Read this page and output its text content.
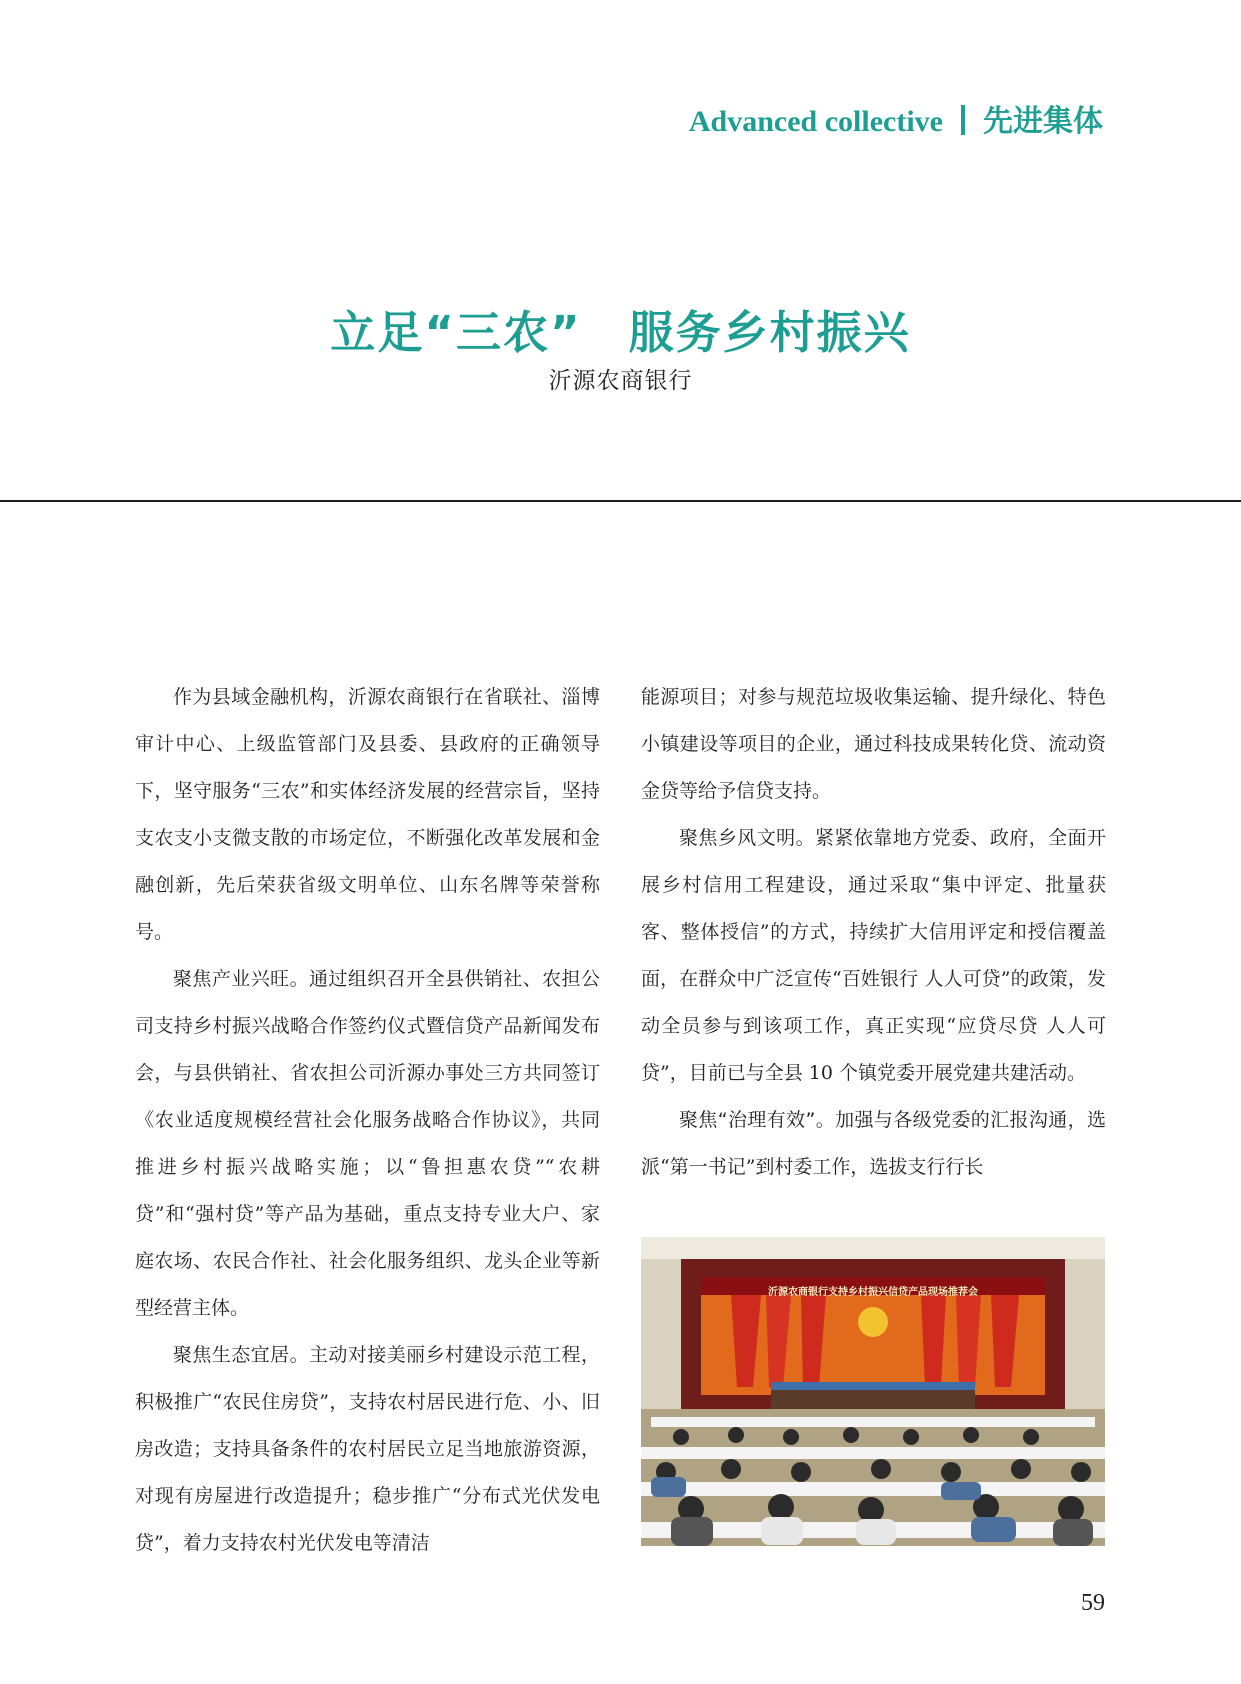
Advanced collective 先进集体
立足“三农”　服务乡村振兴
沂源农商银行

作为县域金融机构，沂源农商银行在省联社、淄博审计中心、上级监管部门及县委、县政府的正确领导下，坚守服务“三农”和实体经济发展的经营宗旨，坚持支农支小支微支散的市场定位，不断强化改革发展和金融创新，先后荣获省级文明单位、山东名牌等荣誉称号。

聚焦产业兴旺。通过组织召开全县供销社、农担公司支持乡村振兴战略合作签约仪式暨信贷产品新闻发布会，与县供销社、省农担公司沂源办事处三方共同签订《农业适度规模经营社会化服务战略合作协议》，共同推进乡村振兴战略实施；以“鲁担惠农贷”“农耕贷”和“强村贷”等产品为基础，重点支持专业大户、家庭农场、农民合作社、社会化服务组织、龙头企业等新型经营主体。

聚焦生态宜居。主动对接美丽乡村建设示范工程，积极推广“农民住房贷”，支持农村居民进行危、小、旧房改造；支持具备条件的农村居民立足当地旅游资源，对现有房屋进行改造提升；稳步推广“分布式光伏发电贷”，着力支持农村光伏发电等清洁

能源项目；对参与规范垃圾收集运输、提升绿化、特色小镇建设等项目的企业，通过科技成果转化贷、流动资金贷等给予信贷支持。

聚焦乡风文明。紧紧依靠地方党委、政府，全面开展乡村信用工程建设，通过采取“集中评定、批量获客、整体授信”的方式，持续扩大信用评定和授信覆盖面，在群众中广泛宣传“百姓银行 人人可贷”的政策，发动全员参与到该项工作，真正实现“应贷尽贷 人人可贷”，目前已与全县 10 个镇党委开展党建共建活动。

聚焦“治理有效”。加强与各级党委的汇报沟通，选派“第一书记”到村委工作，选拔支行行长

沂源农商银行支持乡村振兴信贷产品现场推荐会
59
